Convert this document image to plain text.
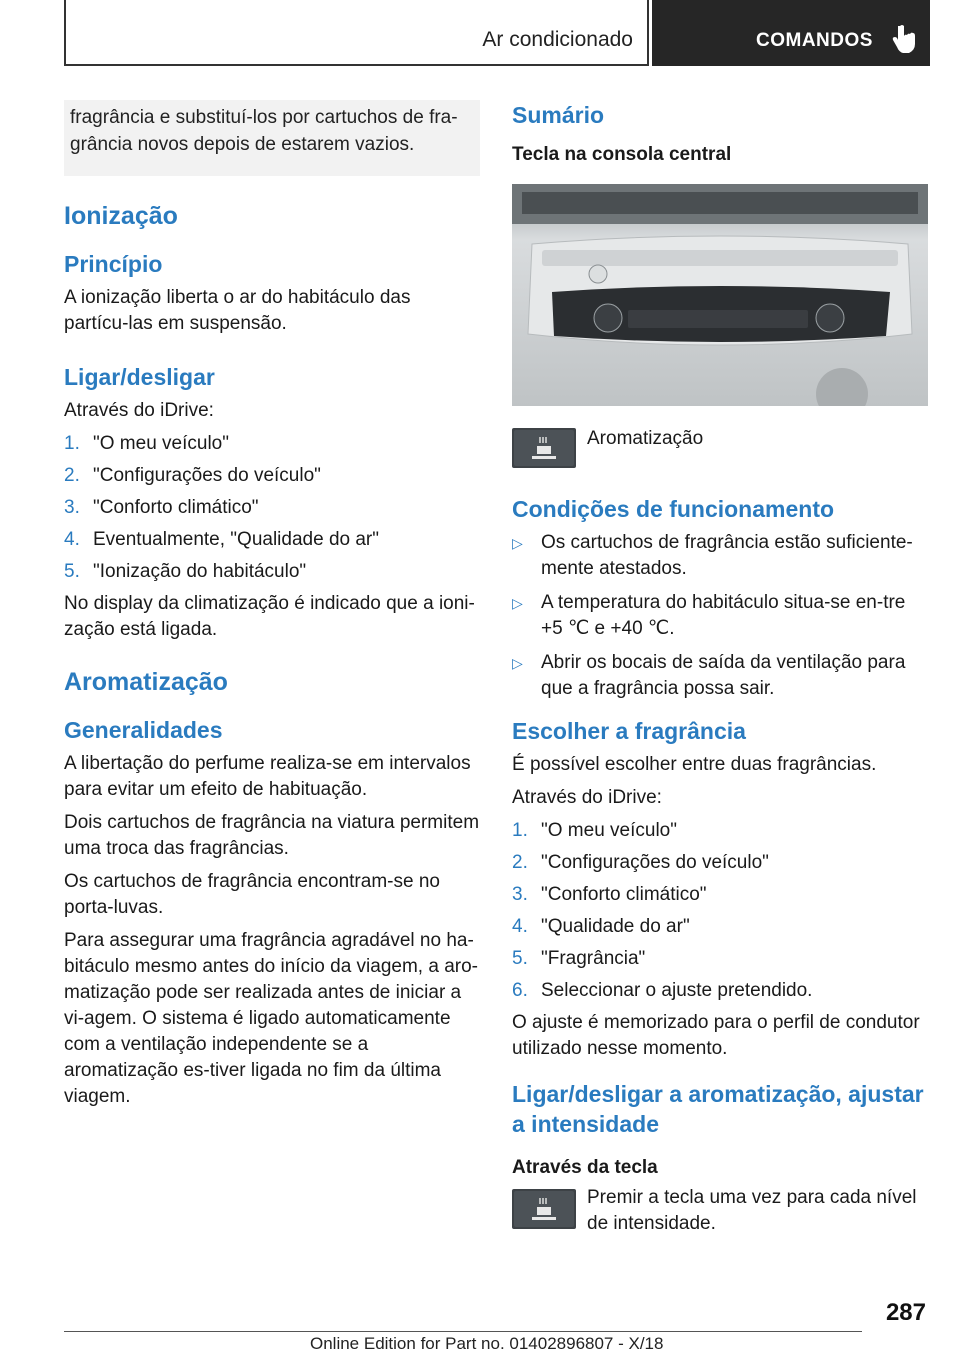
Ar condicionado	COMANDOS

fragrância e substituí-los por cartuchos de fra-grância novos depois de estarem vazios.

Ionização
Princípio

A ionização liberta o ar do habitáculo das partícu-las em suspensão.

Ligar/desligar

Através do iDrive:

1. "O meu veículo"
2. "Configurações do veículo"
3. "Conforto climático"
4. Eventualmente, "Qualidade do ar"
5. "Ionização do habitáculo"

No display da climatização é indicado que a ioni-zação está ligada.

Aromatização
Generalidades

A libertação do perfume realiza-se em intervalos para evitar um efeito de habituação.

Dois cartuchos de fragrância na viatura permitem uma troca das fragrâncias.

Os cartuchos de fragrância encontram-se no porta-luvas.

Para assegurar uma fragrância agradável no ha-bitáculo mesmo antes do início da viagem, a aro-matização pode ser realizada antes de iniciar a vi-agem. O sistema é ligado automaticamente com a ventilação independente se a aromatização es-tiver ligada no fim da última viagem.

Sumário
Tecla na consola central

Aromatização

Condições de funcionamento
▷ Os cartuchos de fragrância estão suficiente-mente atestados.
▷ A temperatura do habitáculo situa-se en-tre +5 ℃ e +40 ℃.
▷ Abrir os bocais de saída da ventilação para que a fragrância possa sair.
Escolher a fragrância

É possível escolher entre duas fragrâncias.

Através do iDrive:

1. "O meu veículo"
2. "Configurações do veículo"
3. "Conforto climático"
4. "Qualidade do ar"
5. "Fragrância"
6. Seleccionar o ajuste pretendido.

O ajuste é memorizado para o perfil de condutor utilizado nesse momento.

Ligar/desligar a aromatização, ajustar a intensidade
Através da tecla

Premir a tecla uma vez para cada nível de intensidade.

287
Online Edition for Part no. 01402896807 - X/18
